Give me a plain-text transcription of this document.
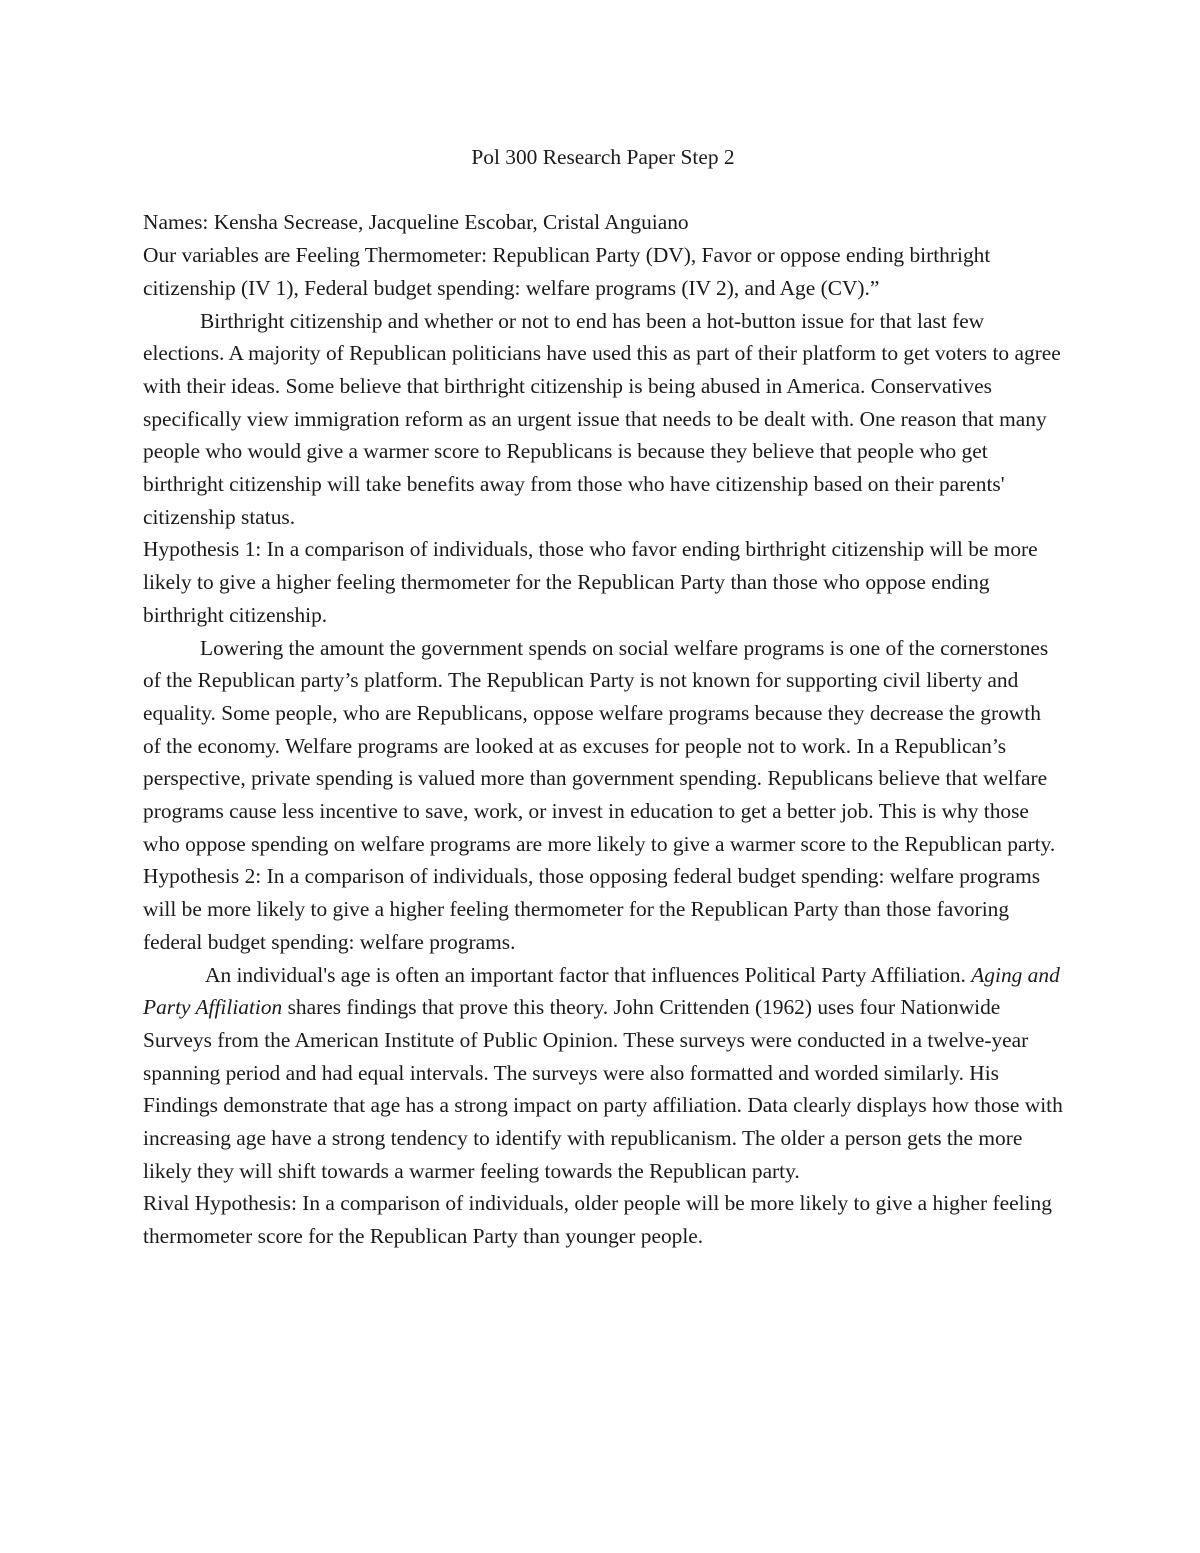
Pol 300 Research Paper Step 2

Names: Kensha Secrease, Jacqueline Escobar, Cristal Anguiano

Our variables are Feeling Thermometer: Republican Party (DV), Favor or oppose ending birthright citizenship (IV 1), Federal budget spending: welfare programs (IV 2), and Age (CV).”

Birthright citizenship and whether or not to end has been a hot-button issue for that last few elections. A majority of Republican politicians have used this as part of their platform to get voters to agree with their ideas. Some believe that birthright citizenship is being abused in America. Conservatives specifically view immigration reform as an urgent issue that needs to be dealt with. One reason that many people who would give a warmer score to Republicans is because they believe that people who get birthright citizenship will take benefits away from those who have citizenship based on their parents' citizenship status.

Hypothesis 1: In a comparison of individuals, those who favor ending birthright citizenship will be more likely to give a higher feeling thermometer for the Republican Party than those who oppose ending birthright citizenship.

Lowering the amount the government spends on social welfare programs is one of the cornerstones of the Republican party’s platform. The Republican Party is not known for supporting civil liberty and equality. Some people, who are Republicans, oppose welfare programs because they decrease the growth of the economy. Welfare programs are looked at as excuses for people not to work. In a Republican’s perspective, private spending is valued more than government spending. Republicans believe that welfare programs cause less incentive to save, work, or invest in education to get a better job. This is why those who oppose spending on welfare programs are more likely to give a warmer score to the Republican party.

Hypothesis 2: In a comparison of individuals, those opposing federal budget spending: welfare programs will be more likely to give a higher feeling thermometer for the Republican Party than those favoring federal budget spending: welfare programs.

An individual's age is often an important factor that influences Political Party Affiliation. Aging and Party Affiliation shares findings that prove this theory. John Crittenden (1962) uses four Nationwide Surveys from the American Institute of Public Opinion. These surveys were conducted in a twelve-year spanning period and had equal intervals. The surveys were also formatted and worded similarly. His Findings demonstrate that age has a strong impact on party affiliation. Data clearly displays how those with increasing age have a strong tendency to identify with republicanism. The older a person gets the more likely they will shift towards a warmer feeling towards the Republican party.

Rival Hypothesis: In a comparison of individuals, older people will be more likely to give a higher feeling thermometer score for the Republican Party than younger people.
